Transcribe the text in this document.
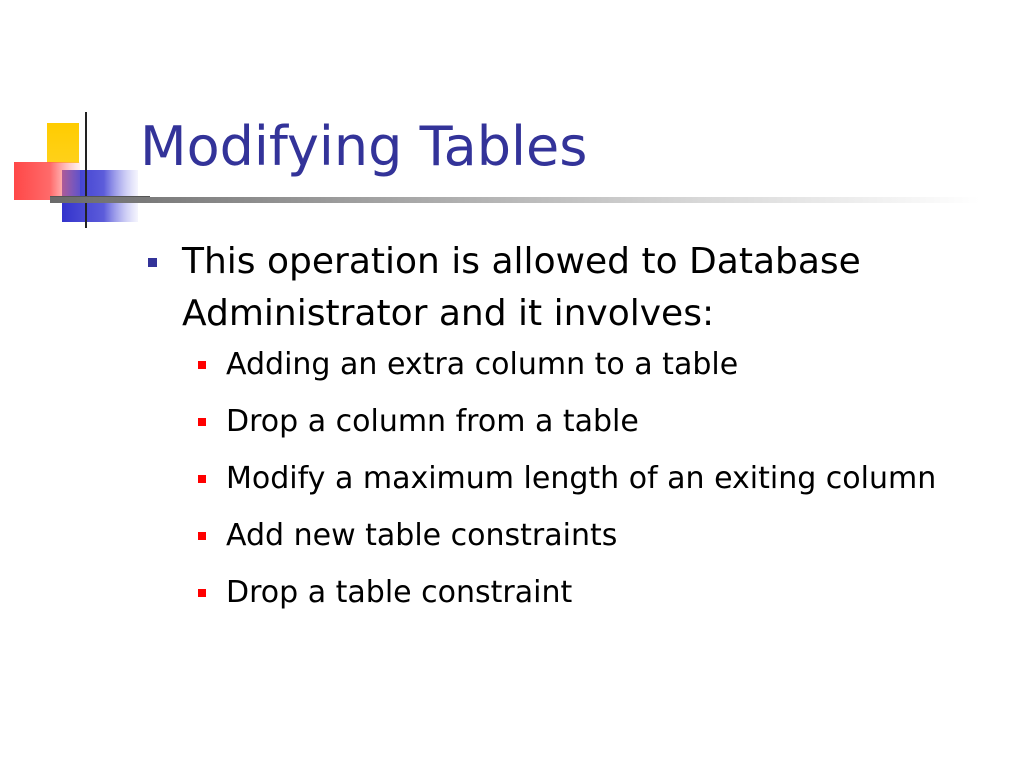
Modifying Tables
This operation is allowed to Database Administrator and it involves:
Adding an extra column to a table
Drop a column from a table
Modify a maximum length of an exiting column
Add new table constraints
Drop a table constraint
